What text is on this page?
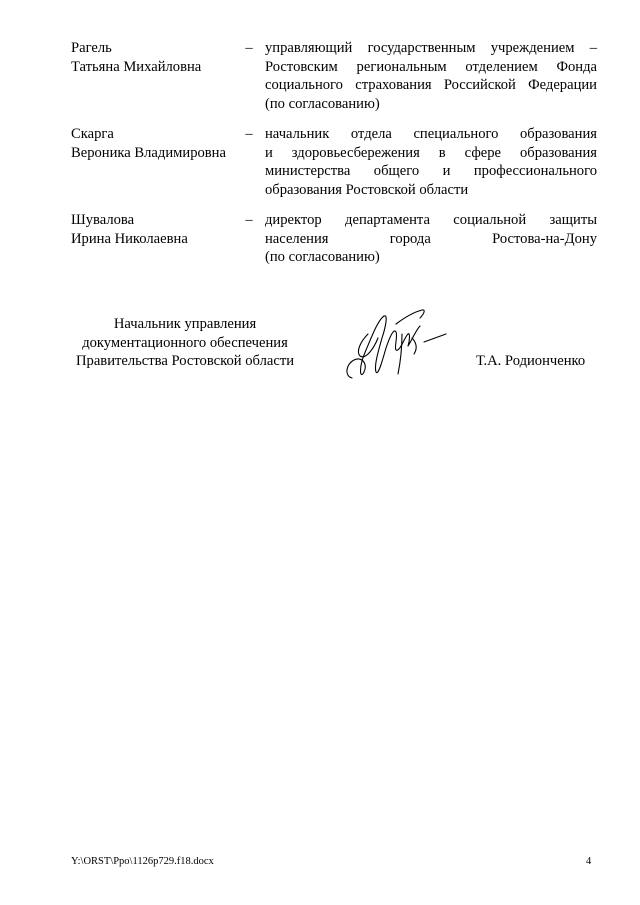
Рагель
Татьяна Михайловна
– управляющий государственным учреждением –
Ростовским региональным отделением Фонда
социального страхования Российской Федерации
(по согласованию)
Скарга
Вероника Владимировна
– начальник отдела специального образования
и здоровьесбережения в сфере образования
министерства общего и профессионального
образования Ростовской области
Шувалова
Ирина Николаевна
– директор департамента социальной защиты
населения города Ростова-на-Дону
(по согласованию)
Начальник управления
документационного обеспечения
Правительства Ростовской области	Т.А. Родионченко
Y:\ORST\Ppo\1126p729.f18.docx	4
